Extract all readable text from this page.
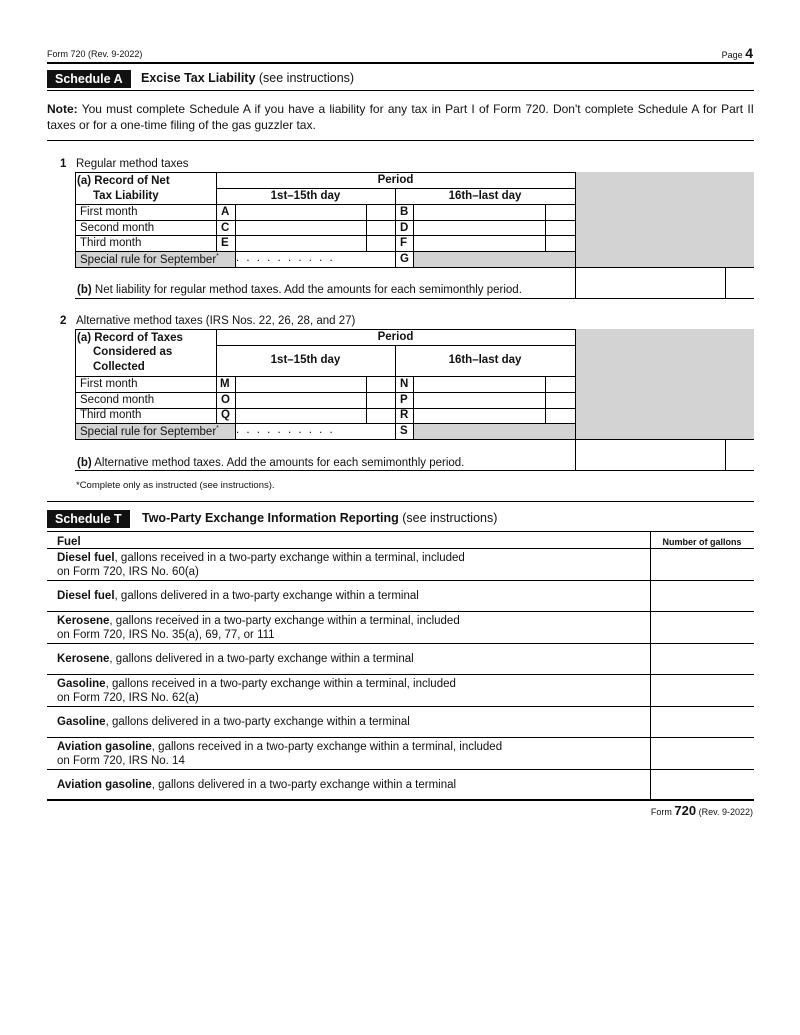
Form 720 (Rev. 9-2022)	Page 4
Schedule A	Excise Tax Liability (see instructions)
Note: You must complete Schedule A if you have a liability for any tax in Part I of Form 720. Don't complete Schedule A for Part II taxes or for a one-time filing of the gas guzzler tax.
1 Regular method taxes
(a) Record of Net
Tax Liability
Period
1st–15th day	16th–last day
First month	A	B
Second month	C	D
Third month	E	F
Special rule for September* . . . . . . . . . .	G
(b) Net liability for regular method taxes. Add the amounts for each semimonthly period.
2 Alternative method taxes (IRS Nos. 22, 26, 28, and 27)
(a) Record of Taxes
Considered as
Collected
Period
1st–15th day	16th–last day
First month	M	N
Second month	O	P
Third month	Q	R
Special rule for September* . . . . . . . . . .	S
(b) Alternative method taxes. Add the amounts for each semimonthly period.
*Complete only as instructed (see instructions).
Schedule T	Two-Party Exchange Information Reporting (see instructions)
Fuel	Number of gallons
Diesel fuel, gallons received in a two-party exchange within a terminal, included
on Form 720, IRS No. 60(a)
Diesel fuel, gallons delivered in a two-party exchange within a terminal
Kerosene, gallons received in a two-party exchange within a terminal, included
on Form 720, IRS No. 35(a), 69, 77, or 111
Kerosene, gallons delivered in a two-party exchange within a terminal
Gasoline, gallons received in a two-party exchange within a terminal, included
on Form 720, IRS No. 62(a)
Gasoline, gallons delivered in a two-party exchange within a terminal
Aviation gasoline, gallons received in a two-party exchange within a terminal, included
on Form 720, IRS No. 14
Aviation gasoline, gallons delivered in a two-party exchange within a terminal
Form 720 (Rev. 9-2022)
